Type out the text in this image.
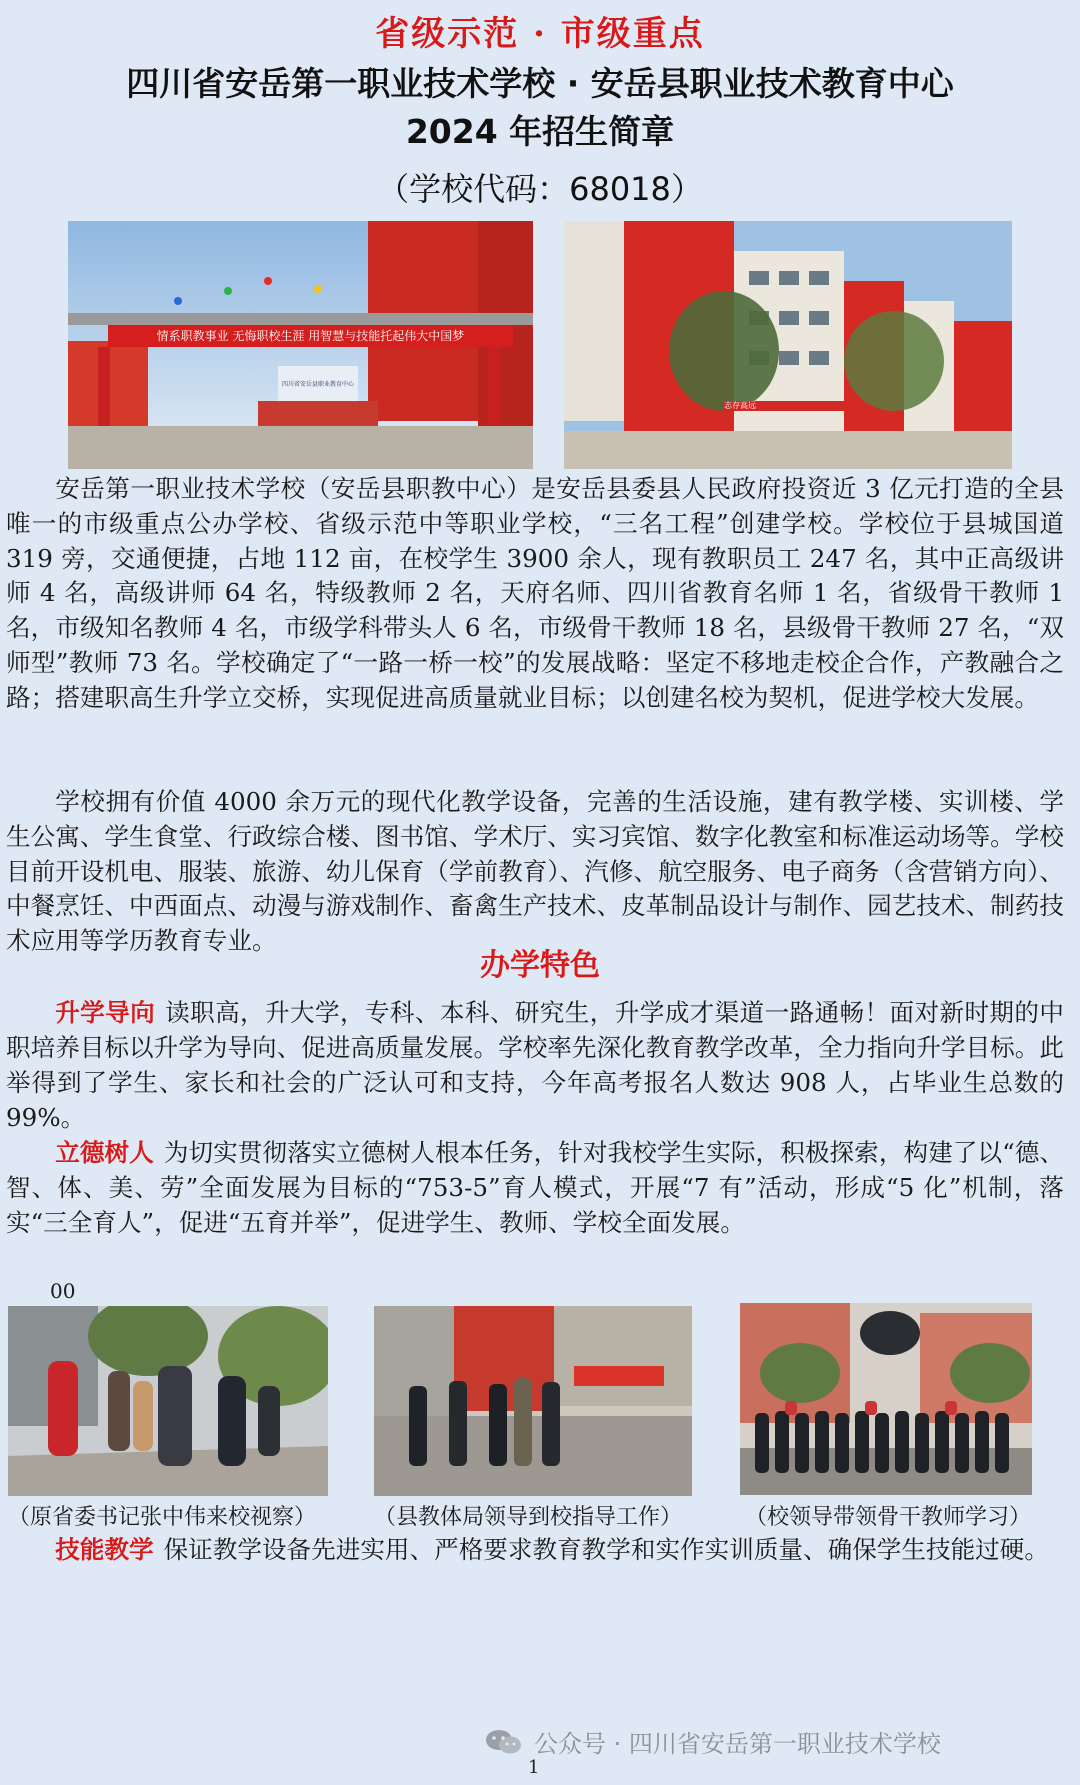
省级示范 · 市级重点
四川省安岳第一职业技术学校 · 安岳县职业技术教育中心
2024 年招生简章
（学校代码：68018）
情系职教事业 无悔职校生涯 用智慧与技能托起伟大中国梦
四川省安岳县职业教育中心
志存高远
安岳第一职业技术学校（安岳县职教中心）是安岳县委县人民政府投资近 3 亿元打造的全县唯一的市级重点公办学校、省级示范中等职业学校，“三名工程”创建学校。学校位于县城国道 319 旁，交通便捷，占地 112 亩，在校学生 3900 余人，现有教职员工 247 名，其中正高级讲师 4 名，高级讲师 64 名，特级教师 2 名，天府名师、四川省教育名师 1 名，省级骨干教师 1 名，市级知名教师 4 名，市级学科带头人 6 名，市级骨干教师 18 名，县级骨干教师 27 名，“双师型”教师 73 名。学校确定了“一路一桥一校”的发展战略：坚定不移地走校企合作，产教融合之路；搭建职高生升学立交桥，实现促进高质量就业目标；以创建名校为契机，促进学校大发展。
学校拥有价值 4000 余万元的现代化教学设备，完善的生活设施，建有教学楼、实训楼、学生公寓、学生食堂、行政综合楼、图书馆、学术厅、实习宾馆、数字化教室和标准运动场等。学校目前开设机电、服装、旅游、幼儿保育（学前教育）、汽修、航空服务、电子商务（含营销方向）、中餐烹饪、中西面点、动漫与游戏制作、畜禽生产技术、皮革制品设计与制作、园艺技术、制药技术应用等学历教育专业。
办学特色
升学导向 读职高，升大学，专科、本科、研究生，升学成才渠道一路通畅！面对新时期的中职培养目标以升学为导向、促进高质量发展。学校率先深化教育教学改革，全力指向升学目标。此举得到了学生、家长和社会的广泛认可和支持，今年高考报名人数达 908 人，占毕业生总数的 99%。
立德树人 为切实贯彻落实立德树人根本任务，针对我校学生实际，积极探索，构建了以“德、智、体、美、劳”全面发展为目标的“753-5”育人模式，开展“7 有”活动，形成“5 化”机制，落实“三全育人”，促进“五育并举”，促进学生、教师、学校全面发展。
00
（原省委书记张中伟来校视察）	（县教体局领导到校指导工作）	（校领导带领骨干教师学习）
技能教学 保证教学设备先进实用、严格要求教育教学和实作实训质量、确保学生技能过硬。
公众号 · 四川省安岳第一职业技术学校
1
